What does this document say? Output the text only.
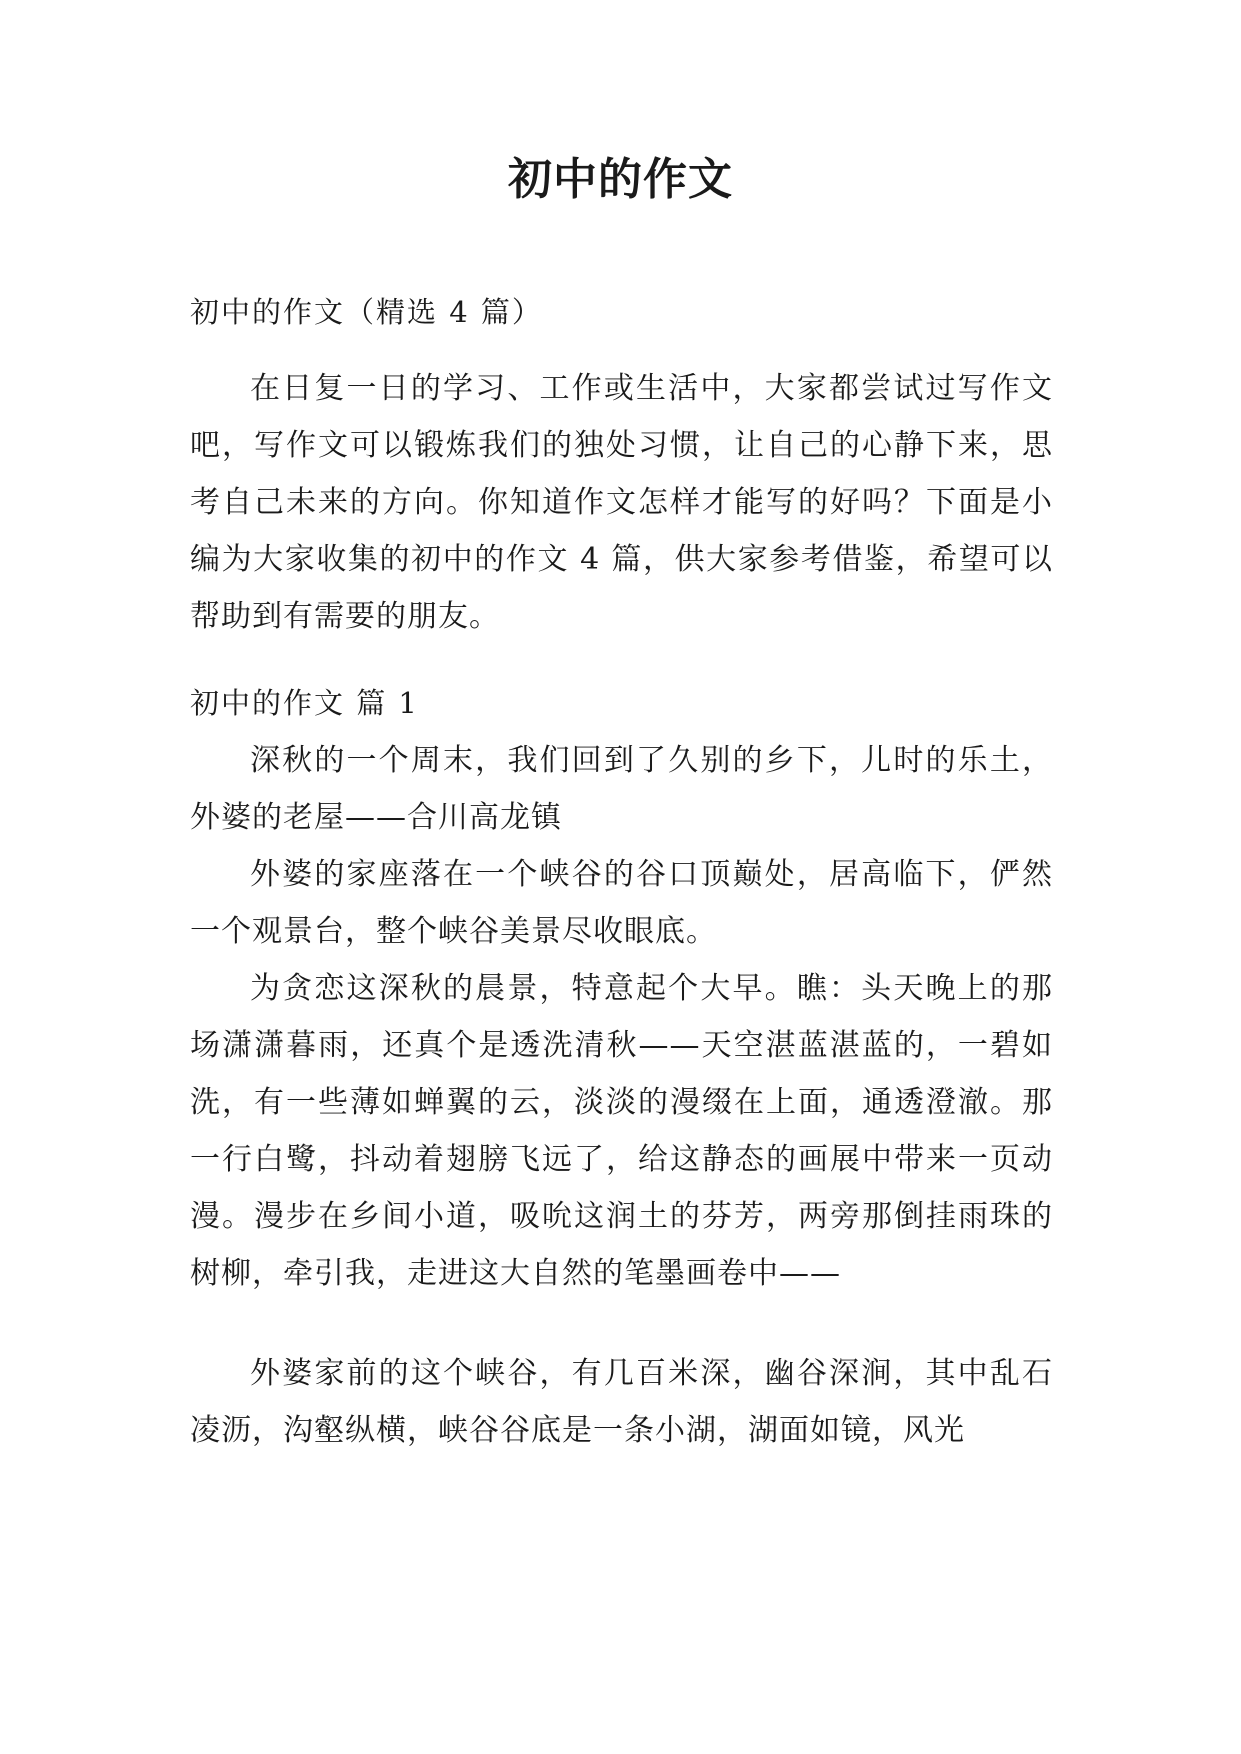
初中的作文
初中的作文（精选 4 篇）
在日复一日的学习、工作或生活中，大家都尝试过写作文吧，写作文可以锻炼我们的独处习惯，让自己的心静下来，思考自己未来的方向。你知道作文怎样才能写的好吗？下面是小编为大家收集的初中的作文 4 篇，供大家参考借鉴，希望可以帮助到有需要的朋友。
初中的作文 篇 1
深秋的一个周末，我们回到了久别的乡下，儿时的乐土，外婆的老屋——合川高龙镇
外婆的家座落在一个峡谷的谷口顶巅处，居高临下，俨然一个观景台，整个峡谷美景尽收眼底。
为贪恋这深秋的晨景，特意起个大早。瞧：头天晚上的那场潇潇暮雨，还真个是透洗清秋——天空湛蓝湛蓝的，一碧如洗，有一些薄如蝉翼的云，淡淡的漫缀在上面，通透澄澈。那一行白鹭，抖动着翅膀飞远了，给这静态的画展中带来一页动漫。漫步在乡间小道，吸吮这润土的芬芳，两旁那倒挂雨珠的树柳，牵引我，走进这大自然的笔墨画卷中——
外婆家前的这个峡谷，有几百米深，幽谷深涧，其中乱石凌沥，沟壑纵横，峡谷谷底是一条小湖，湖面如镜，风光
